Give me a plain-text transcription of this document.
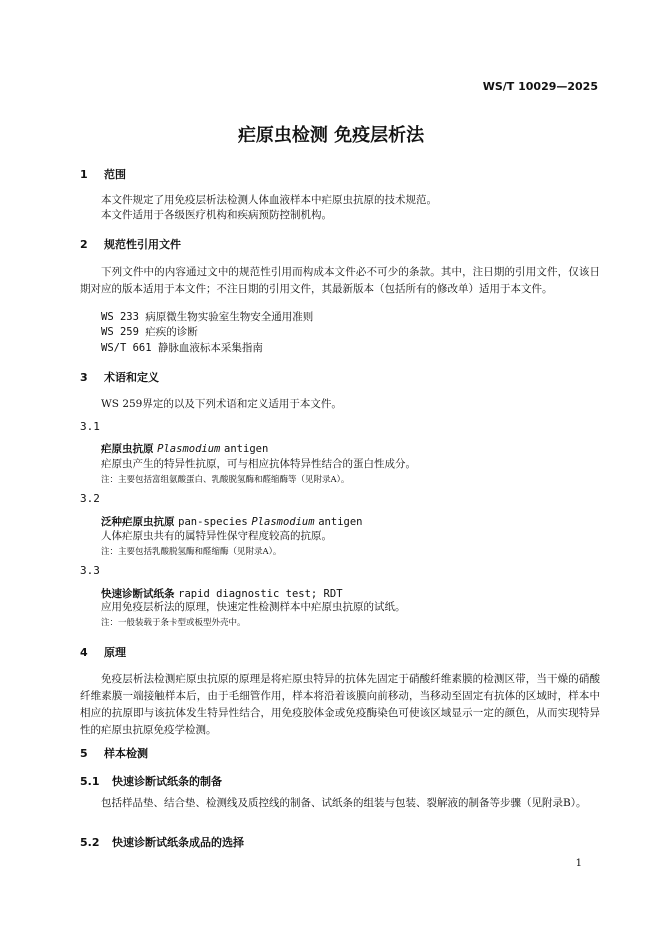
WS/T 10029—2025
疟原虫检测 免疫层析法
1 范围
本文件规定了用免疫层析法检测人体血液样本中疟原虫抗原的技术规范。
本文件适用于各级医疗机构和疾病预防控制机构。
2 规范性引用文件
下列文件中的内容通过文中的规范性引用而构成本文件必不可少的条款。其中，注日期的引用文件，仅该日期对应的版本适用于本文件；不注日期的引用文件，其最新版本（包括所有的修改单）适用于本文件。
WS 233 病原微生物实验室生物安全通用准则
WS 259 疟疾的诊断
WS/T 661 静脉血液标本采集指南
3 术语和定义
WS 259界定的以及下列术语和定义适用于本文件。
3.1
疟原虫抗原 Plasmodium antigen
疟原虫产生的特异性抗原，可与相应抗体特异性结合的蛋白性成分。
注：主要包括富组氨酸蛋白、乳酸脱氢酶和醛缩酶等（见附录A）。
3.2
泛种疟原虫抗原 pan-species Plasmodium antigen
人体疟原虫共有的属特异性保守程度较高的抗原。
注：主要包括乳酸脱氢酶和醛缩酶（见附录A）。
3.3
快速诊断试纸条 rapid diagnostic test; RDT
应用免疫层析法的原理，快速定性检测样本中疟原虫抗原的试纸。
注：一般装载于条卡型或板型外壳中。
4 原理
免疫层析法检测疟原虫抗原的原理是将疟原虫特异的抗体先固定于硝酸纤维素膜的检测区带，当干燥的硝酸纤维素膜一端接触样本后，由于毛细管作用，样本将沿着该膜向前移动，当移动至固定有抗体的区域时，样本中相应的抗原即与该抗体发生特异性结合，用免疫胶体金或免疫酶染色可使该区域显示一定的颜色，从而实现特异性的疟原虫抗原免疫学检测。
5 样本检测
5.1 快速诊断试纸条的制备
包括样品垫、结合垫、检测线及质控线的制备、试纸条的组装与包装、裂解液的制备等步骤（见附录B）。
5.2 快速诊断试纸条成品的选择
1
